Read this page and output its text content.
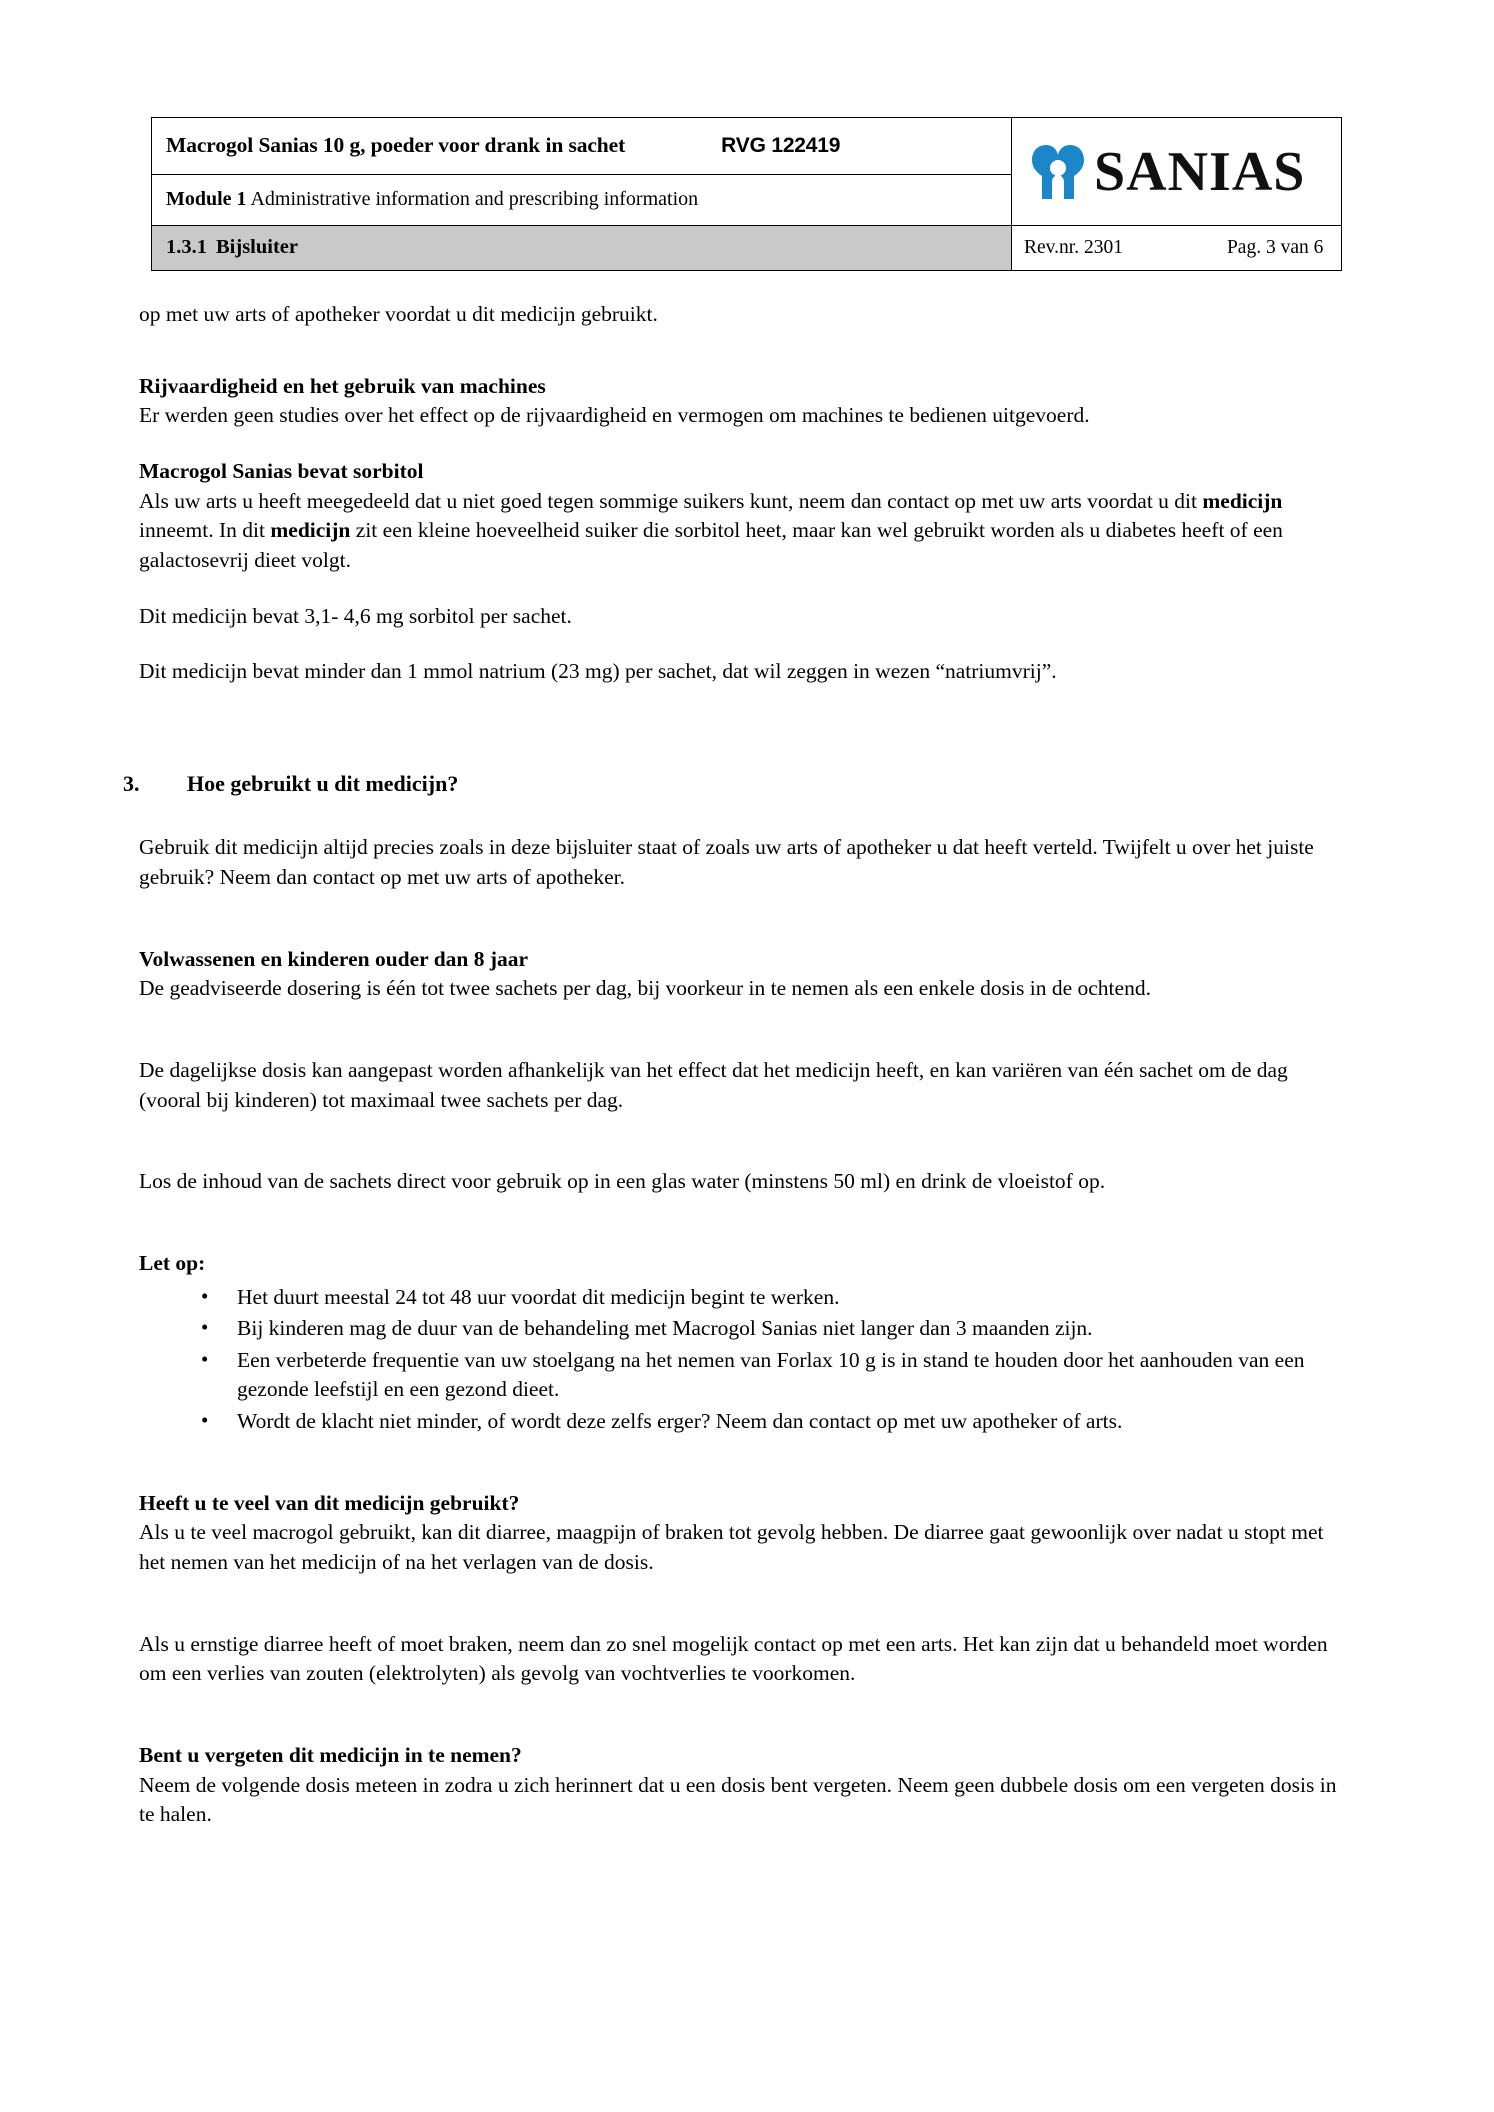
Macrogol Sanias 10 g, poeder voor drank in sachet RVG 122419	SANIAS

Module 1 Administrative information and prescribing information	

1.3.1 Bijsluiter	Rev.nr. 2301 Pag. 3 van 6

op met uw arts of apotheker voordat u dit medicijn gebruikt.

Rijvaardigheid en het gebruik van machines

Er werden geen studies over het effect op de rijvaardigheid en vermogen om machines te bedienen uitgevoerd.

Macrogol Sanias bevat sorbitol

Als uw arts u heeft meegedeeld dat u niet goed tegen sommige suikers kunt, neem dan contact op met uw arts voordat u dit medicijn inneemt. In dit medicijn zit een kleine hoeveelheid suiker die sorbitol heet, maar kan wel gebruikt worden als u diabetes heeft of een galactosevrij dieet volgt.

Dit medicijn bevat 3,1- 4,6 mg sorbitol per sachet.

Dit medicijn bevat minder dan 1 mmol natrium (23 mg) per sachet, dat wil zeggen in wezen “natriumvrij”.

3.	Hoe gebruikt u dit medicijn?

Gebruik dit medicijn altijd precies zoals in deze bijsluiter staat of zoals uw arts of apotheker u dat heeft verteld. Twijfelt u over het juiste gebruik? Neem dan contact op met uw arts of apotheker.

Volwassenen en kinderen ouder dan 8 jaar

De geadviseerde dosering is één tot twee sachets per dag, bij voorkeur in te nemen als een enkele dosis in de ochtend.

De dagelijkse dosis kan aangepast worden afhankelijk van het effect dat het medicijn heeft, en kan variëren van één sachet om de dag (vooral bij kinderen) tot maximaal twee sachets per dag.

Los de inhoud van de sachets direct voor gebruik op in een glas water (minstens 50 ml) en drink de vloeistof op.

Let op:
• Het duurt meestal 24 tot 48 uur voordat dit medicijn begint te werken.
• Bij kinderen mag de duur van de behandeling met Macrogol Sanias niet langer dan 3 maanden zijn.
• Een verbeterde frequentie van uw stoelgang na het nemen van Forlax 10 g is in stand te houden door het aanhouden van een gezonde leefstijl en een gezond dieet.
• Wordt de klacht niet minder, of wordt deze zelfs erger? Neem dan contact op met uw apotheker of arts.
Heeft u te veel van dit medicijn gebruikt?

Als u te veel macrogol gebruikt, kan dit diarree, maagpijn of braken tot gevolg hebben. De diarree gaat gewoonlijk over nadat u stopt met het nemen van het medicijn of na het verlagen van de dosis.

Als u ernstige diarree heeft of moet braken, neem dan zo snel mogelijk contact op met een arts. Het kan zijn dat u behandeld moet worden om een verlies van zouten (elektrolyten) als gevolg van vochtverlies te voorkomen.

Bent u vergeten dit medicijn in te nemen?

Neem de volgende dosis meteen in zodra u zich herinnert dat u een dosis bent vergeten. Neem geen dubbele dosis om een vergeten dosis in te halen.
